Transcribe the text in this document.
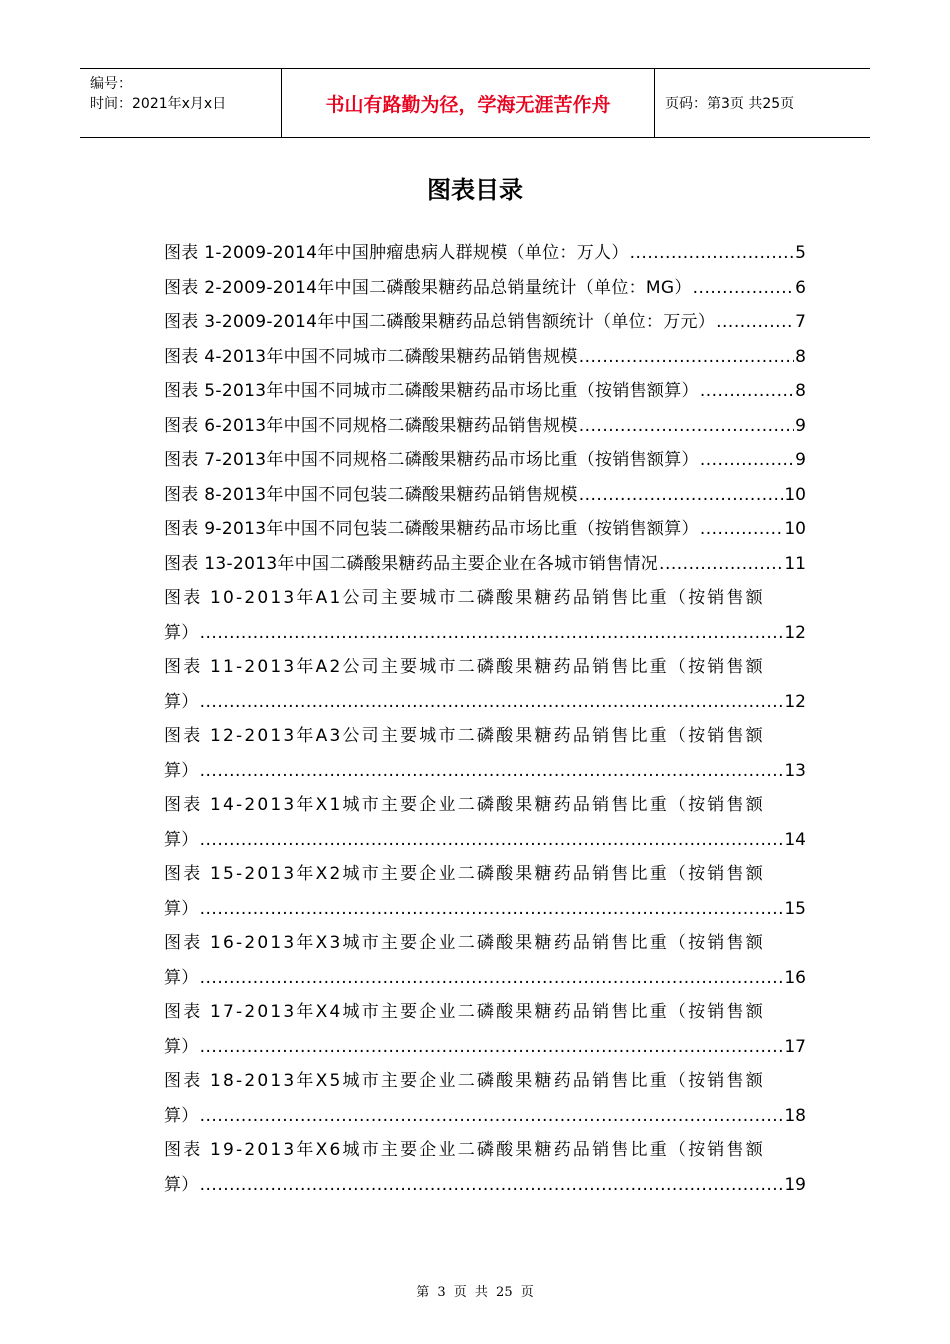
编号：
时间：2021年x月x日	书山有路勤为径，学海无涯苦作舟	页码：第3页 共25页
图表目录
图表 1-2009-2014年中国肿瘤患病人群规模（单位：万人） .....	5
图表 2-2009-2014年中国二磷酸果糖药品总销量统计（单位：MG） .....	6
图表 3-2009-2014年中国二磷酸果糖药品总销售额统计（单位：万元） .....	7
图表 4-2013年中国不同城市二磷酸果糖药品销售规模 .....	8
图表 5-2013年中国不同城市二磷酸果糖药品市场比重（按销售额算） .....	8
图表 6-2013年中国不同规格二磷酸果糖药品销售规模 .....	9
图表 7-2013年中国不同规格二磷酸果糖药品市场比重（按销售额算） .....	9
图表 8-2013年中国不同包装二磷酸果糖药品销售规模 .....	10
图表 9-2013年中国不同包装二磷酸果糖药品市场比重（按销售额算） .....	10
图表 13-2013年中国二磷酸果糖药品主要企业在各城市销售情况 .....	11
图表 10-2013年A1公司主要城市二磷酸果糖药品销售比重（按销售额
算） .....	12
图表 11-2013年A2公司主要城市二磷酸果糖药品销售比重（按销售额
算） .....	12
图表 12-2013年A3公司主要城市二磷酸果糖药品销售比重（按销售额
算） .....	13
图表 14-2013年X1城市主要企业二磷酸果糖药品销售比重（按销售额
算） .....	14
图表 15-2013年X2城市主要企业二磷酸果糖药品销售比重（按销售额
算） .....	15
图表 16-2013年X3城市主要企业二磷酸果糖药品销售比重（按销售额
算） .....	16
图表 17-2013年X4城市主要企业二磷酸果糖药品销售比重（按销售额
算） .....	17
图表 18-2013年X5城市主要企业二磷酸果糖药品销售比重（按销售额
算） .....	18
图表 19-2013年X6城市主要企业二磷酸果糖药品销售比重（按销售额
算） .....	19
第 3 页 共 25 页
